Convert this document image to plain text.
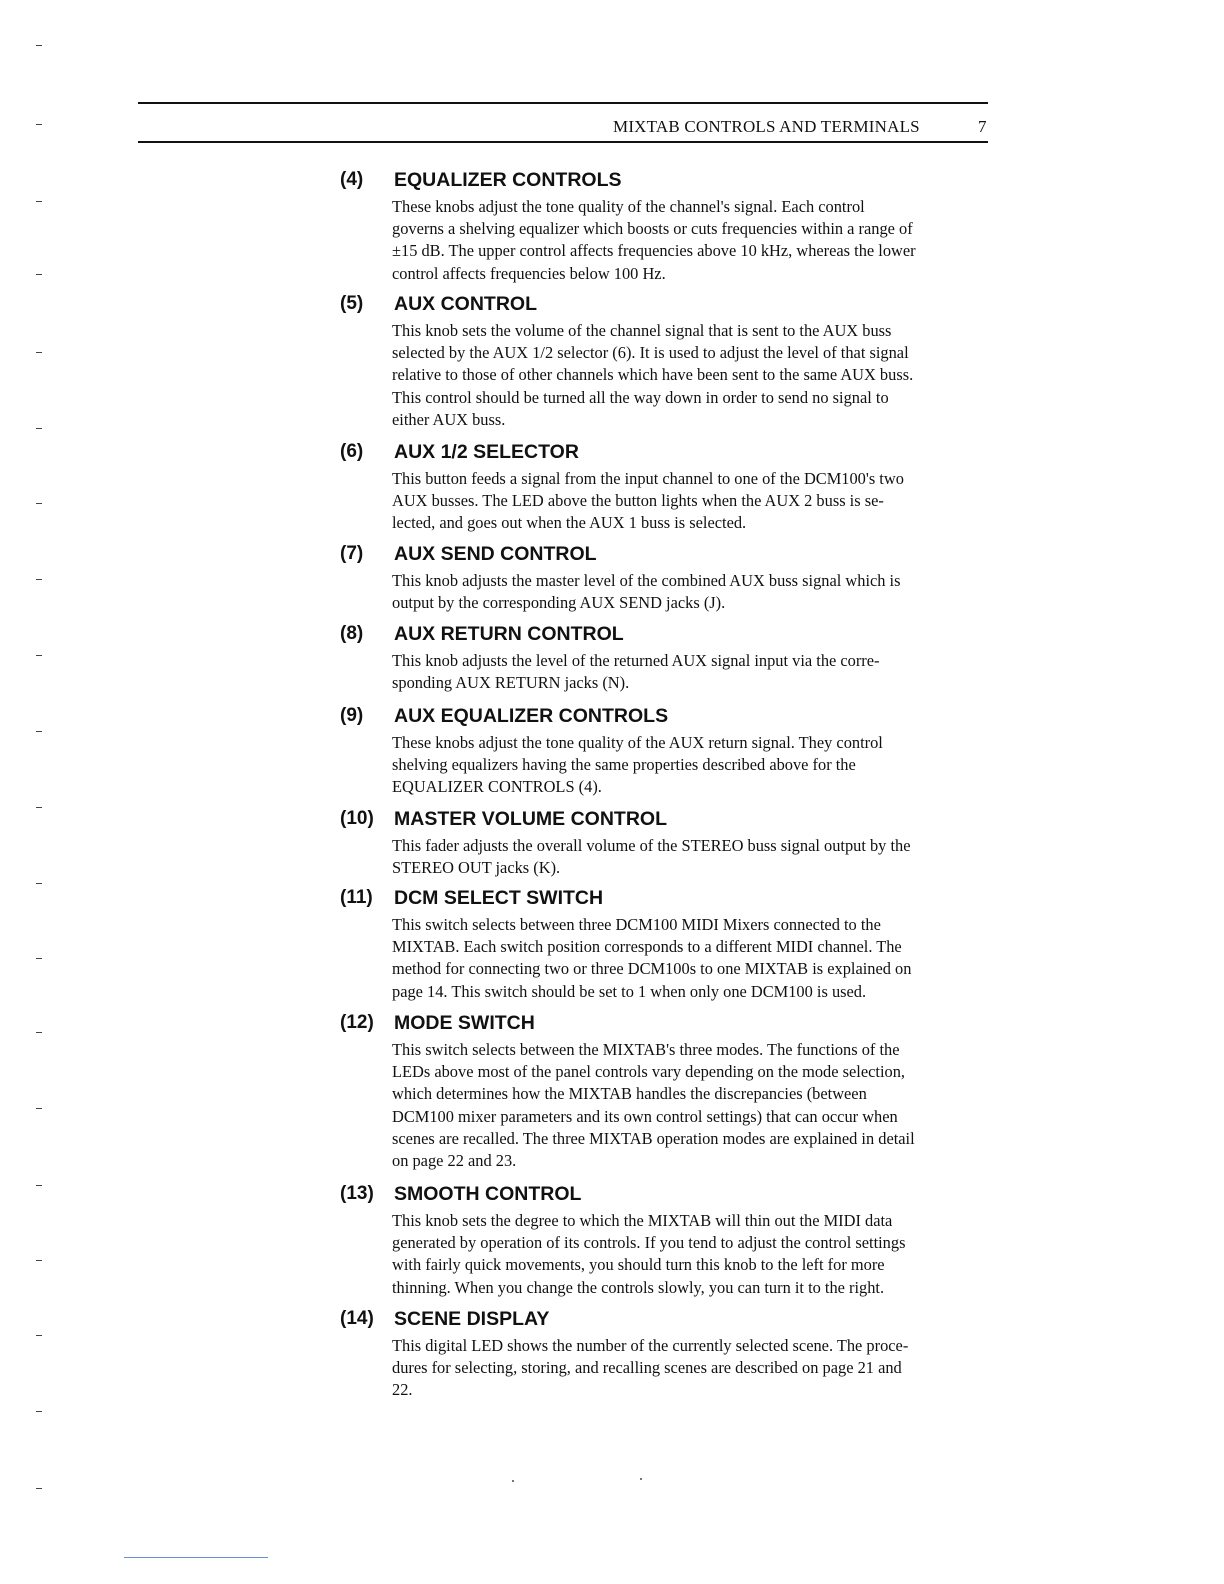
MIXTAB CONTROLS AND TERMINALS	7
(4) EQUALIZER CONTROLS
These knobs adjust the tone quality of the channel's signal. Each control
governs a shelving equalizer which boosts or cuts frequencies within a range of
±15 dB. The upper control affects frequencies above 10 kHz, whereas the lower
control affects frequencies below 100 Hz.
(5) AUX CONTROL
This knob sets the volume of the channel signal that is sent to the AUX buss
selected by the AUX 1/2 selector (6). It is used to adjust the level of that signal
relative to those of other channels which have been sent to the same AUX buss.
This control should be turned all the way down in order to send no signal to
either AUX buss.
(6) AUX 1/2 SELECTOR
This button feeds a signal from the input channel to one of the DCM100's two
AUX busses. The LED above the button lights when the AUX 2 buss is se-
lected, and goes out when the AUX 1 buss is selected.
(7) AUX SEND CONTROL
This knob adjusts the master level of the combined AUX buss signal which is
output by the corresponding AUX SEND jacks (J).
(8) AUX RETURN CONTROL
This knob adjusts the level of the returned AUX signal input via the corre-
sponding AUX RETURN jacks (N).
(9) AUX EQUALIZER CONTROLS
These knobs adjust the tone quality of the AUX return signal. They control
shelving equalizers having the same properties described above for the
EQUALIZER CONTROLS (4).
(10) MASTER VOLUME CONTROL
This fader adjusts the overall volume of the STEREO buss signal output by the
STEREO OUT jacks (K).
(11) DCM SELECT SWITCH
This switch selects between three DCM100 MIDI Mixers connected to the
MIXTAB. Each switch position corresponds to a different MIDI channel. The
method for connecting two or three DCM100s to one MIXTAB is explained on
page 14. This switch should be set to 1 when only one DCM100 is used.
(12) MODE SWITCH
This switch selects between the MIXTAB's three modes. The functions of the
LEDs above most of the panel controls vary depending on the mode selection,
which determines how the MIXTAB handles the discrepancies (between
DCM100 mixer parameters and its own control settings) that can occur when
scenes are recalled. The three MIXTAB operation modes are explained in detail
on page 22 and 23.
(13) SMOOTH CONTROL
This knob sets the degree to which the MIXTAB will thin out the MIDI data
generated by operation of its controls. If you tend to adjust the control settings
with fairly quick movements, you should turn this knob to the left for more
thinning. When you change the controls slowly, you can turn it to the right.
(14) SCENE DISPLAY
This digital LED shows the number of the currently selected scene. The proce-
dures for selecting, storing, and recalling scenes are described on page 21 and
22.
